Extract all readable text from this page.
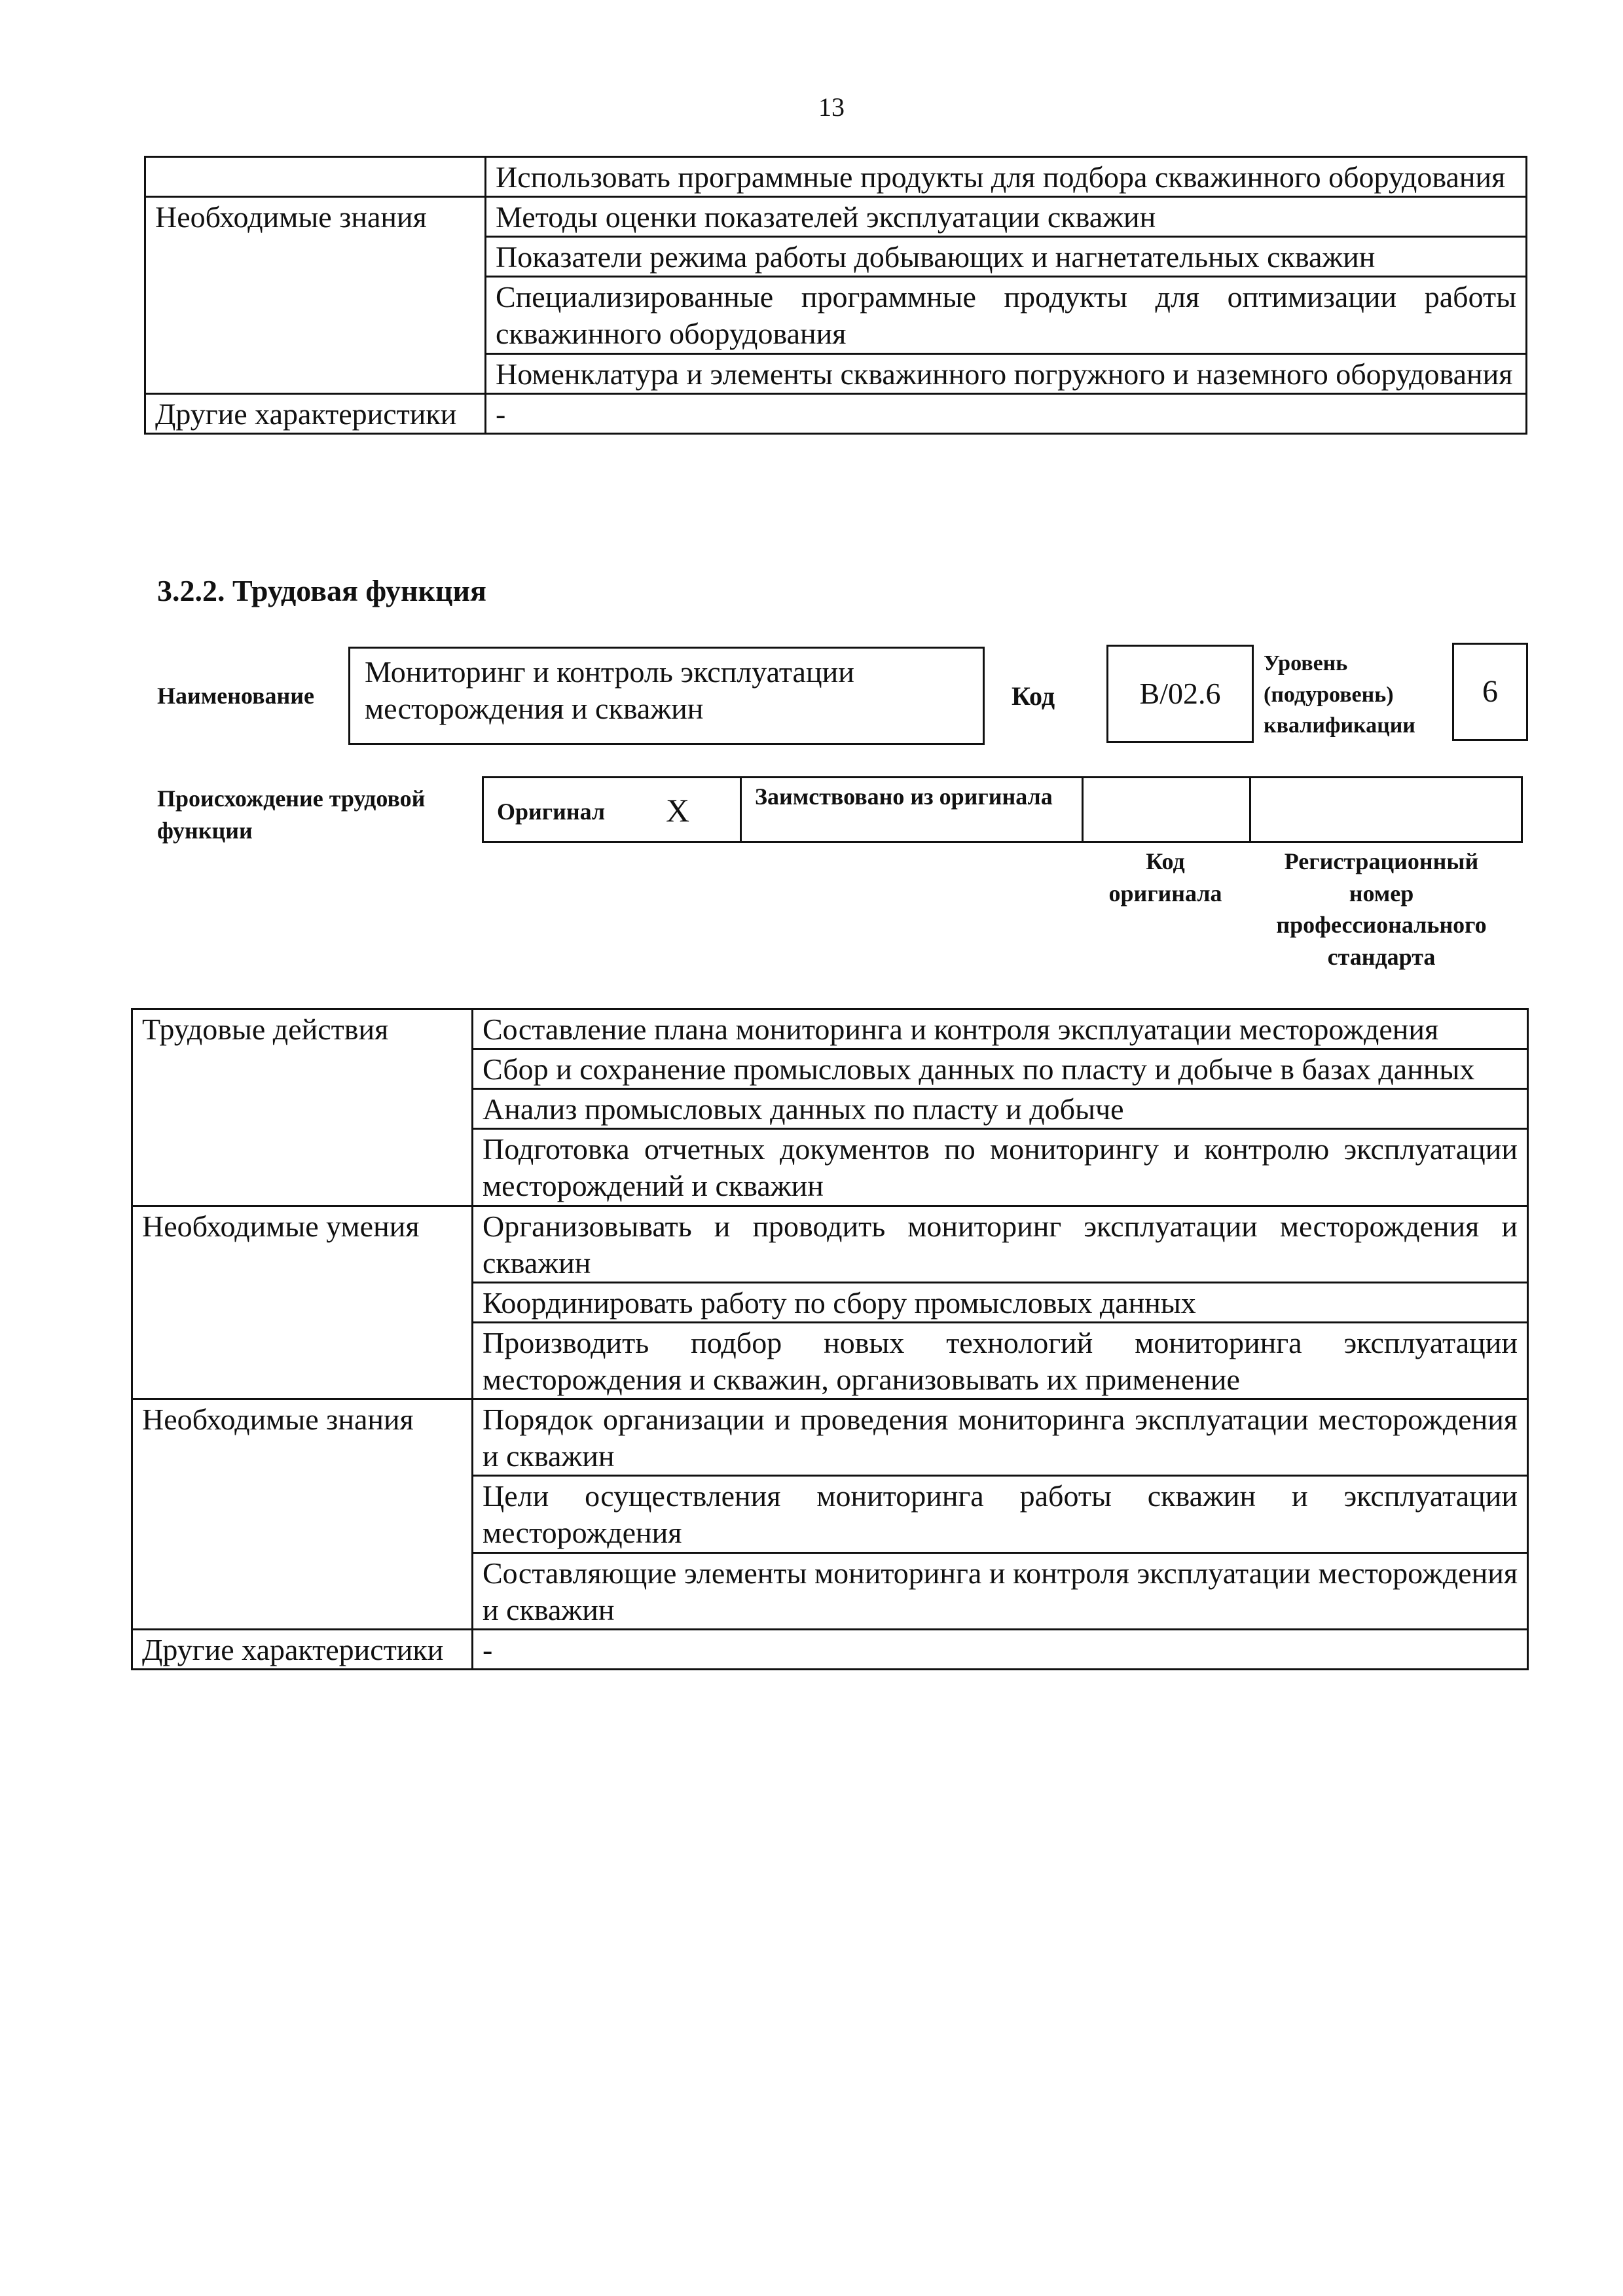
13
	Использовать программные продукты для подбора скважинного оборудования
Необходимые знания	Методы оценки показателей эксплуатации скважин
	Показатели режима работы добывающих и нагнетательных скважин
	Специализированные программные продукты для оптимизации работы скважинного оборудования
	Номенклатура и элементы скважинного погружного и наземного оборудования
Другие характеристики	-
3.2.2. Трудовая функция
Наименование
Мониторинг и контроль эксплуатации месторождения и скважин	Код	B/02.6
Уровень (подуровень) квалификации
6
Происхождение трудовой функции
Оригинал X	Заимствовано из оригинала
Код оригинала
Регистрационный номер профессионального стандарта
Трудовые действия	Составление плана мониторинга и контроля эксплуатации месторождения
	Сбор и сохранение промысловых данных по пласту и добыче в базах данных
	Анализ промысловых данных по пласту и добыче
	Подготовка отчетных документов по мониторингу и контролю эксплуатации месторождений и скважин
Необходимые умения	Организовывать и проводить мониторинг эксплуатации месторождения и скважин
	Координировать работу по сбору промысловых данных
	Производить подбор новых технологий мониторинга эксплуатации месторождения и скважин, организовывать их применение
Необходимые знания	Порядок организации и проведения мониторинга эксплуатации месторождения и скважин
	Цели осуществления мониторинга работы скважин и эксплуатации месторождения
	Составляющие элементы мониторинга и контроля эксплуатации месторождения и скважин
Другие характеристики	-
